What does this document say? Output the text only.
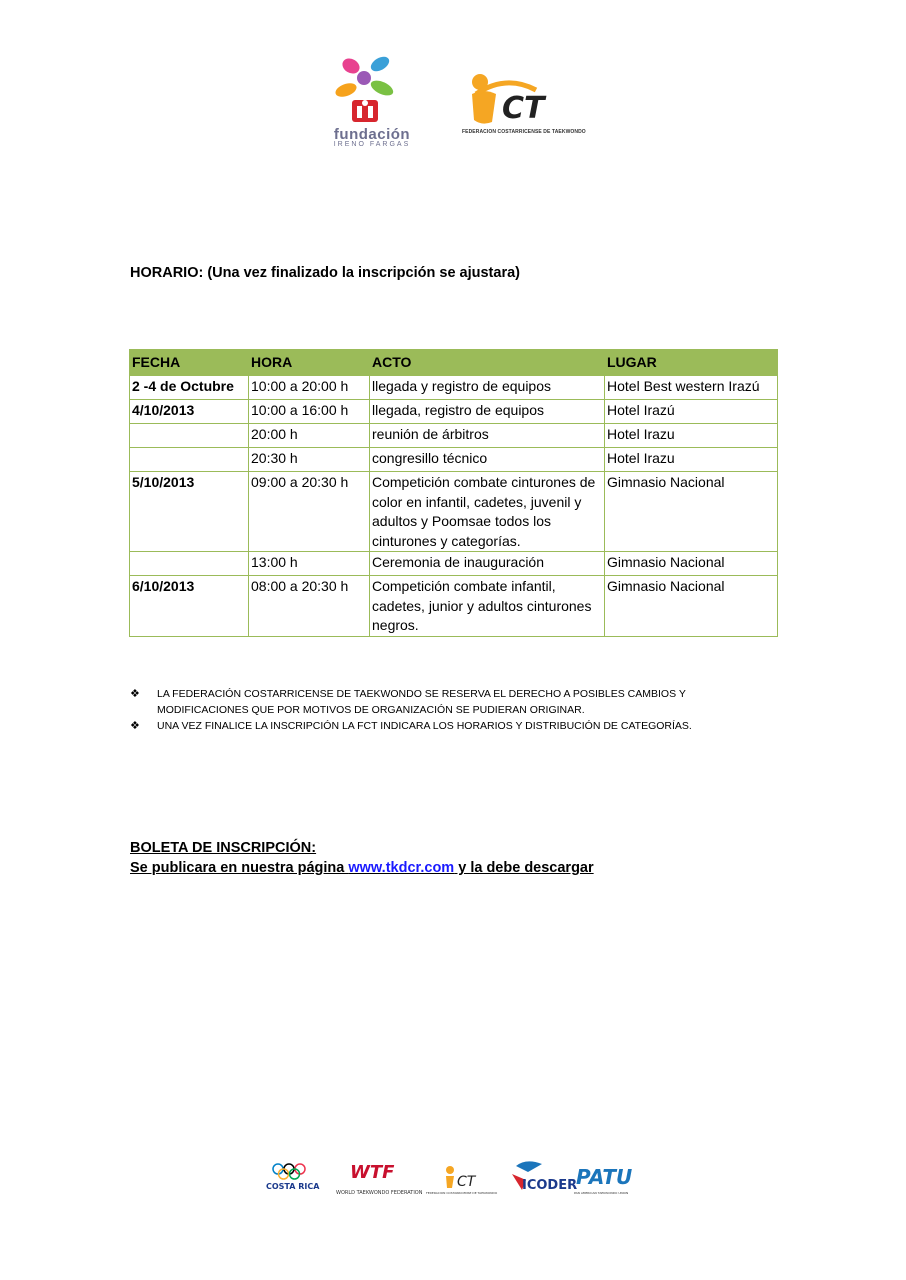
fundación
IRENO FARGAS
CT
FEDERACION COSTARRICENSE DE TAEKWONDO
HORARIO: (Una vez finalizado la inscripción se ajustara)
FECHA	HORA	ACTO	LUGAR
2 -4 de Octubre	10:00 a 20:00 h	llegada y registro de equipos	Hotel Best western Irazú
4/10/2013	10:00 a 16:00 h	llegada, registro de equipos	Hotel Irazú
	20:00 h	reunión de árbitros	Hotel Irazu
	20:30 h	congresillo técnico	Hotel Irazu
5/10/2013	09:00 a 20:30 h	Competición combate cinturones de color en infantil, cadetes, juvenil y adultos y Poomsae todos los cinturones y categorías.	Gimnasio Nacional
	13:00 h	Ceremonia de inauguración	Gimnasio Nacional
6/10/2013	08:00 a 20:30 h	Competición combate infantil, cadetes, junior y adultos cinturones negros.	Gimnasio Nacional
❖ LA FEDERACIÓN COSTARRICENSE DE TAEKWONDO SE RESERVA EL DERECHO A POSIBLES CAMBIOS Y MODIFICACIONES QUE POR MOTIVOS DE ORGANIZACIÓN SE PUDIERAN ORIGINAR.
❖ UNA VEZ FINALICE LA INSCRIPCIÓN LA FCT INDICARA LOS HORARIOS Y DISTRIBUCIÓN DE CATEGORÍAS.
BOLETA DE INSCRIPCIÓN:
Se publicara en nuestra página www.tkdcr.com y la debe descargar
COSTA RICA
WTF
WORLD TAEKWONDO FEDERATION
CT
FEDERACION COSTARRICENSE DE TAEKWONDO ICODER
PATU
PAN AMERICAN TAEKWONDO UNION
